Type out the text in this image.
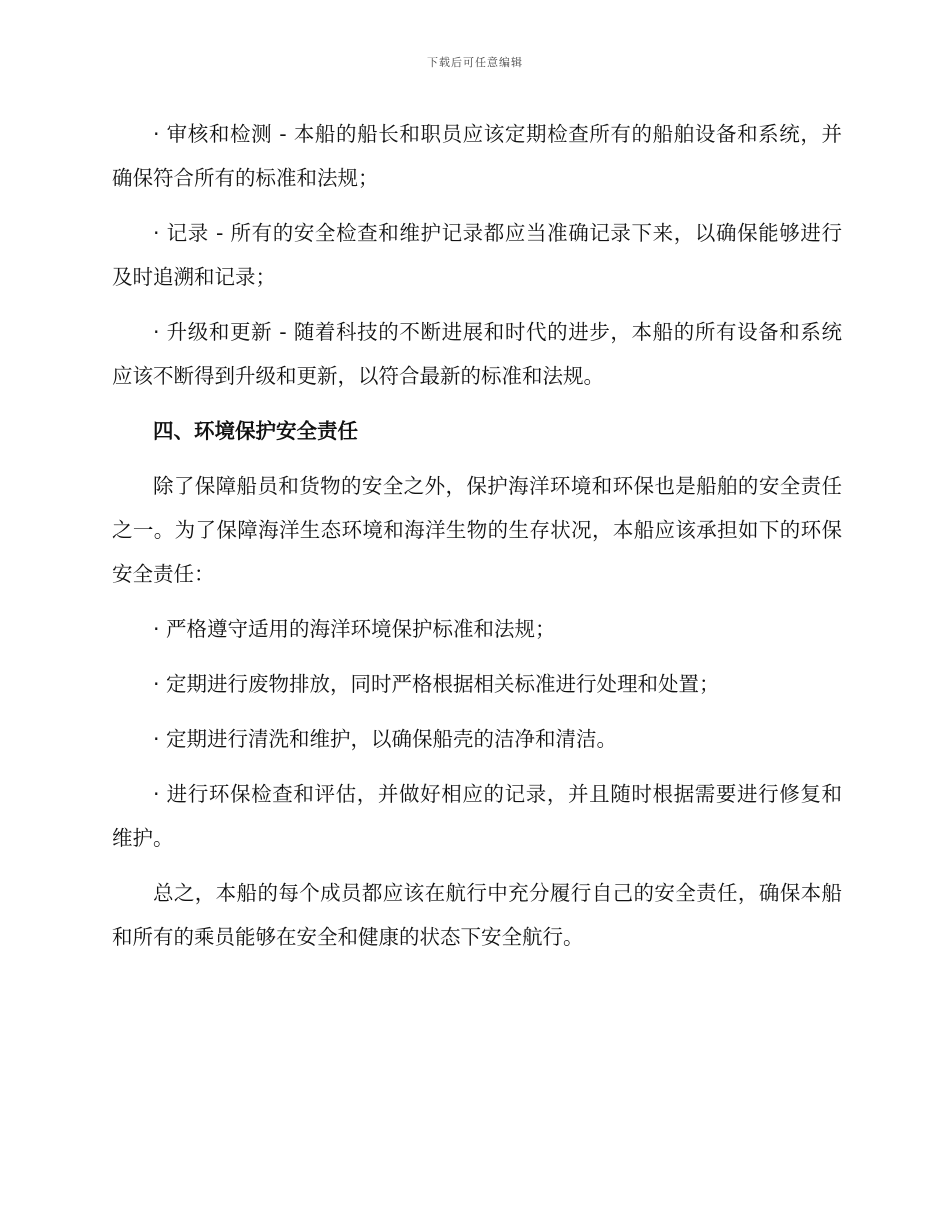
下载后可任意编辑

· 审核和检测 - 本船的船长和职员应该定期检查所有的船舶设备和系统，并确保符合所有的标准和法规；

· 记录 - 所有的安全检查和维护记录都应当准确记录下来，以确保能够进行及时追溯和记录；

· 升级和更新 - 随着科技的不断进展和时代的进步，本船的所有设备和系统应该不断得到升级和更新，以符合最新的标准和法规。

四、环境保护安全责任

除了保障船员和货物的安全之外，保护海洋环境和环保也是船舶的安全责任之一。为了保障海洋生态环境和海洋生物的生存状况，本船应该承担如下的环保安全责任：

· 严格遵守适用的海洋环境保护标准和法规；

· 定期进行废物排放，同时严格根据相关标准进行处理和处置；

· 定期进行清洗和维护，以确保船壳的洁净和清洁。

· 进行环保检查和评估，并做好相应的记录，并且随时根据需要进行修复和维护。

总之，本船的每个成员都应该在航行中充分履行自己的安全责任，确保本船和所有的乘员能够在安全和健康的状态下安全航行。
